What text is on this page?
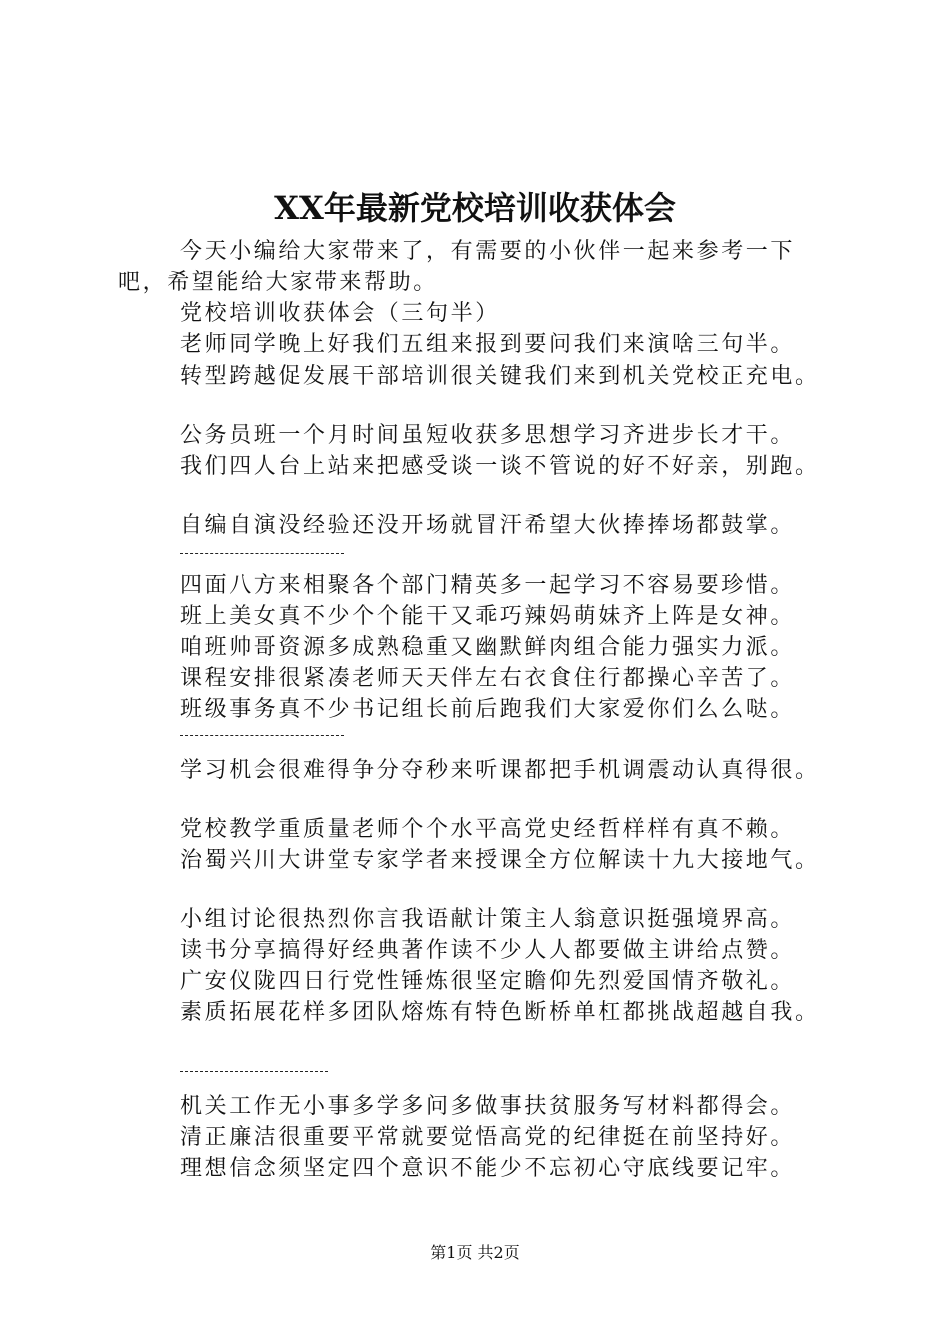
XX年最新党校培训收获体会
今天小编给大家带来了，有需要的小伙伴一起来参考一下
吧，希望能给大家带来帮助。
党校培训收获体会（三句半）
老师同学晚上好我们五组来报到要问我们来演啥三句半。
转型跨越促发展干部培训很关键我们来到机关党校正充电。
公务员班一个月时间虽短收获多思想学习齐进步长才干。
我们四人台上站来把感受谈一谈不管说的好不好亲，别跑。
自编自演没经验还没开场就冒汗希望大伙捧捧场都鼓掌。
四面八方来相聚各个部门精英多一起学习不容易要珍惜。
班上美女真不少个个能干又乖巧辣妈萌妹齐上阵是女神。
咱班帅哥资源多成熟稳重又幽默鲜肉组合能力强实力派。
课程安排很紧凑老师天天伴左右衣食住行都操心辛苦了。
班级事务真不少书记组长前后跑我们大家爱你们么么哒。
学习机会很难得争分夺秒来听课都把手机调震动认真得很。
党校教学重质量老师个个水平高党史经哲样样有真不赖。
治蜀兴川大讲堂专家学者来授课全方位解读十九大接地气。
小组讨论很热烈你言我语献计策主人翁意识挺强境界高。
读书分享搞得好经典著作读不少人人都要做主讲给点赞。
广安仪陇四日行党性锤炼很坚定瞻仰先烈爱国情齐敬礼。
素质拓展花样多团队熔炼有特色断桥单杠都挑战超越自我。
机关工作无小事多学多问多做事扶贫服务写材料都得会。
清正廉洁很重要平常就要觉悟高党的纪律挺在前坚持好。
理想信念须坚定四个意识不能少不忘初心守底线要记牢。
第1页 共2页
